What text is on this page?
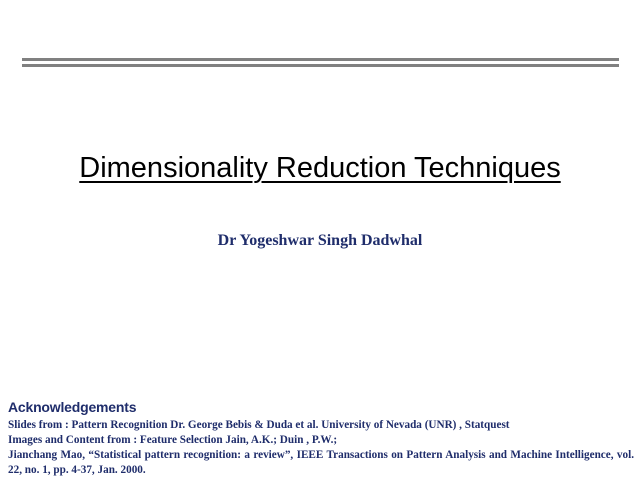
Dimensionality Reduction Techniques
Dr Yogeshwar Singh Dadwhal
Acknowledgements
Slides from : Pattern Recognition Dr. George Bebis & Duda et al. University of Nevada (UNR) , Statquest
Images and Content from : Feature Selection Jain, A.K.; Duin , P.W.;
Jianchang Mao, “Statistical pattern recognition: a review”, IEEE Transactions on Pattern Analysis and Machine Intelligence, vol. 22, no. 1, pp. 4-37, Jan. 2000.
